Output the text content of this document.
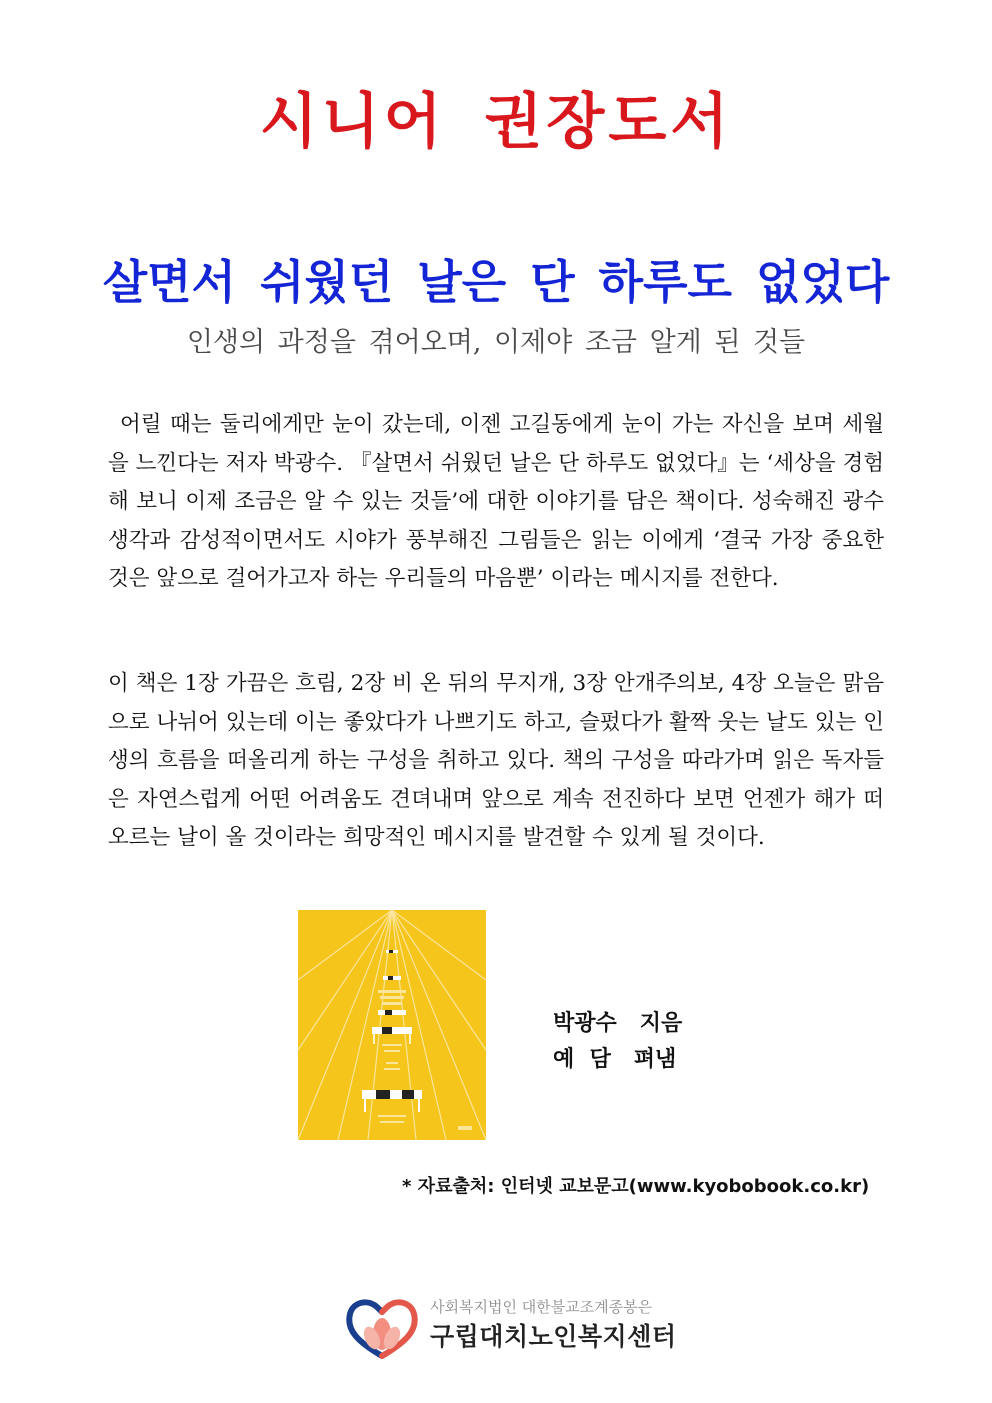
시니어 권장도서
살면서 쉬웠던 날은 단 하루도 없었다
인생의 과정을 겪어오며, 이제야 조금 알게 된 것들
어릴 때는 둘리에게만 눈이 갔는데, 이젠 고길동에게 눈이 가는 자신을 보며 세월을 느낀다는 저자 박광수. 『살면서 쉬웠던 날은 단 하루도 없었다』는 ‘세상을 경험해 보니 이제 조금은 알 수 있는 것들’에 대한 이야기를 담은 책이다. 성숙해진 광수생각과 감성적이면서도 시야가 풍부해진 그림들은 읽는 이에게 ‘결국 가장 중요한 것은 앞으로 걸어가고자 하는 우리들의 마음뿐’ 이라는 메시지를 전한다.
이 책은 1장 가끔은 흐림, 2장 비 온 뒤의 무지개, 3장 안개주의보, 4장 오늘은 맑음 으로 나뉘어 있는데 이는 좋았다가 나쁘기도 하고, 슬펐다가 활짝 웃는 날도 있는 인생의 흐름을 떠올리게 하는 구성을 취하고 있다. 책의 구성을 따라가며 읽은 독자들은 자연스럽게 어떤 어려움도 견뎌내며 앞으로 계속 전진하다 보면 언젠가 해가 떠오르는 날이 올 것이라는 희망적인 메시지를 발견할 수 있게 될 것이다.
박광수   지음
예  담   펴냄
* 자료출처: 인터넷 교보문고(www.kyobobook.co.kr)
사회복지법인 대한불교조계종봉은
구립대치노인복지센터
